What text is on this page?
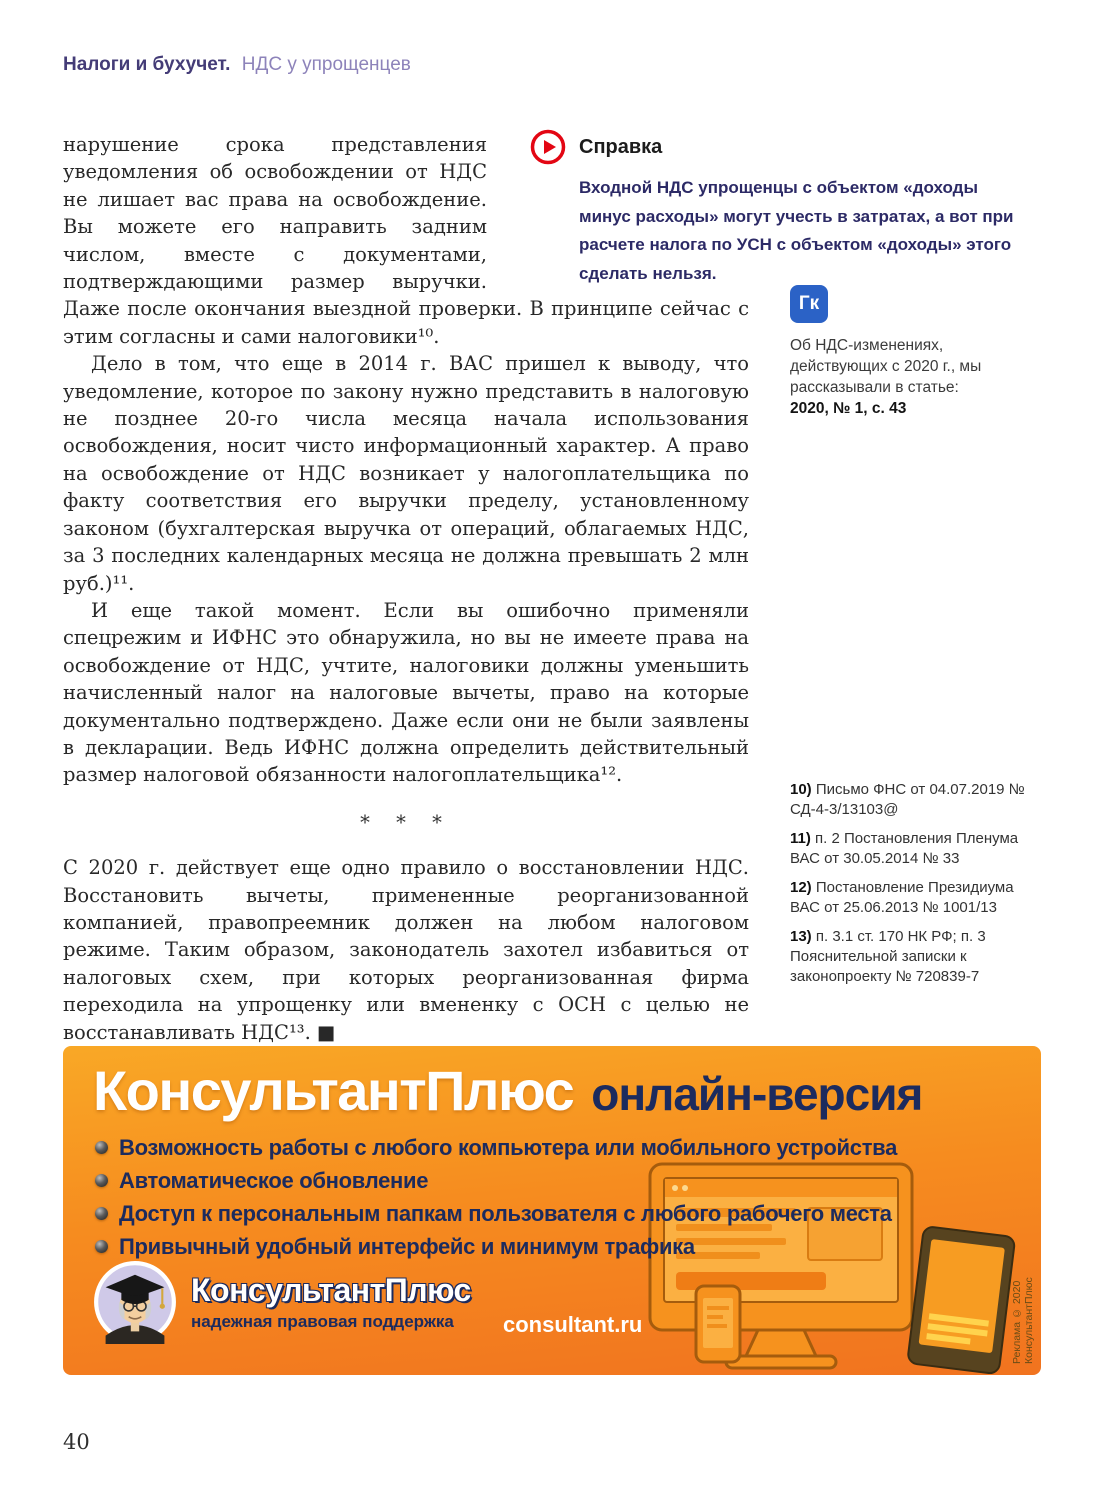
Налоги и бухучет. НДС у упрощенцев
нарушение срока представления уведомления об освобождении от НДС не лишает вас права на освобождение. Вы можете его направить задним числом, вместе с документами, подтверждающими размер выручки. Даже после окончания выездной проверки. В принципе сейчас с этим согласны и сами налоговики¹⁰.
Дело в том, что еще в 2014 г. ВАС пришел к выводу, что уведомление, которое по закону нужно представить в налоговую не позднее 20-го числа месяца начала использования освобождения, носит чисто информационный характер. А право на освобождение от НДС возникает у налогоплательщика по факту соответствия его выручки пределу, установленному законом (бухгалтерская выручка от операций, облагаемых НДС, за 3 последних календарных месяца не должна превышать 2 млн руб.)¹¹.
И еще такой момент. Если вы ошибочно применяли спецрежим и ИФНС это обнаружила, но вы не имеете права на освобождение от НДС, учтите, налоговики должны уменьшить начисленный налог на налоговые вычеты, право на которые документально подтверждено. Даже если они не были заявлены в декларации. Ведь ИФНС должна определить действительный размер налоговой обязанности налогоплательщика¹².
* * *
С 2020 г. действует еще одно правило о восстановлении НДС. Восстановить вычеты, примененные реорганизованной компанией, правопреемник должен на любом налоговом режиме. Таким образом, законодатель захотел избавиться от налоговых схем, при которых реорганизованная фирма переходила на упрощенку или вмененку с ОСН с целью не восстанавливать НДС¹³. ■
Справка
Входной НДС упрощенцы с объектом «доходы минус расходы» могут учесть в затратах, а вот при расчете налога по УСН с объектом «доходы» этого сделать нельзя.
Гк
Об НДС-изменениях, действующих с 2020 г., мы рассказывали в статье:
2020, № 1, с. 43
10) Письмо ФНС от 04.07.2019 № СД-4-3/13103@
11) п. 2 Постановления Пленума ВАС от 30.05.2014 № 33
12) Постановление Президиума ВАС от 25.06.2013 № 1001/13
13) п. 3.1 ст. 170 НК РФ; п. 3 Пояснительной записки к законопроекту № 720839-7
КонсультантПлюс онлайн-версия
Возможность работы с любого компьютера или мобильного устройства
Автоматическое обновление
Доступ к персональным папкам пользователя с любого рабочего места
Привычный удобный интерфейс и минимум трафика
КонсультантПлюс
надежная правовая поддержка	consultant.ru	Реклама © 2020 КонсультантПлюс
40
